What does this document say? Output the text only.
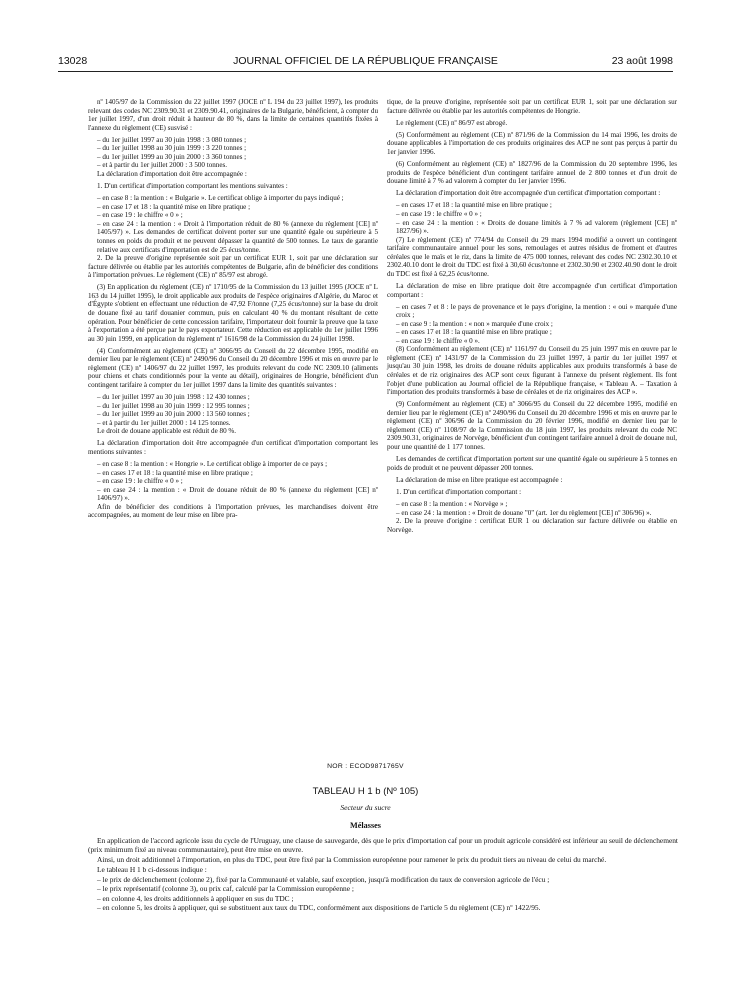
13028	JOURNAL OFFICIEL DE LA RÉPUBLIQUE FRANÇAISE	23 août 1998

nº 1405/97 de la Commission du 22 juillet 1997 (JOCE nº L 194 du 23 juillet 1997), les produits relevant des codes NC 2309.90.31 et 2309.90.41, originaires de la Bulgarie, bénéficient, à compter du 1er juillet 1997, d'un droit réduit à hauteur de 80 %, dans la limite de certaines quantités fixées à l'annexe du règlement (CE) susvisé :

– du 1er juillet 1997 au 30 juin 1998 : 3 080 tonnes ;

– du 1er juillet 1998 au 30 juin 1999 : 3 220 tonnes ;

– du 1er juillet 1999 au 30 juin 2000 : 3 360 tonnes ;

– et à partir du 1er juillet 2000 : 3 500 tonnes.

La déclaration d'importation doit être accompagnée :

1. D'un certificat d'importation comportant les mentions suivantes :

– en case 8 : la mention : « Bulgarie ». Le certificat oblige à importer du pays indiqué ;

– en case 17 et 18 : la quantité mise en libre pratique ;

– en case 19 : le chiffre « 0 » ;

– en case 24 : la mention : « Droit à l'importation réduit de 80 % (annexe du règlement [CE] nº 1405/97) ». Les demandes de certificat doivent porter sur une quantité égale ou supérieure à 5 tonnes en poids du produit et ne peuvent dépasser la quantité de 500 tonnes. Le taux de garantie relative aux certificats d'importation est de 25 écus/tonne.

2. De la preuve d'origine représentée soit par un certificat EUR 1, soit par une déclaration sur facture délivrée ou établie par les autorités compétentes de Bulgarie, afin de bénéficier des conditions à l'importation prévues. Le règlement (CE) nº 85/97 est abrogé.

(3) En application du règlement (CE) nº 1710/95 de la Commission du 13 juillet 1995 (JOCE nº L 163 du 14 juillet 1995), le droit applicable aux produits de l'espèce originaires d'Algérie, du Maroc et d'Égypte s'obtient en effectuant une réduction de 47,92 F/tonne (7,25 écus/tonne) sur la base du droit de douane fixé au tarif douanier commun, puis en calculant 40 % du montant résultant de cette opération. Pour bénéficier de cette concession tarifaire, l'importateur doit fournir la preuve que la taxe à l'exportation a été perçue par le pays exportateur. Cette réduction est applicable du 1er juillet 1996 au 30 juin 1999, en application du règlement nº 1616/98 de la Commission du 24 juillet 1998.

(4) Conformément au règlement (CE) nº 3066/95 du Conseil du 22 décembre 1995, modifié en dernier lieu par le règlement (CE) nº 2490/96 du Conseil du 20 décembre 1996 et mis en œuvre par le règlement (CE) nº 1406/97 du 22 juillet 1997, les produits relevant du code NC 2309.10 (aliments pour chiens et chats conditionnés pour la vente au détail), originaires de Hongrie, bénéficient d'un contingent tarifaire à compter du 1er juillet 1997 dans la limite des quantités suivantes :

– du 1er juillet 1997 au 30 juin 1998 : 12 430 tonnes ;

– du 1er juillet 1998 au 30 juin 1999 : 12 995 tonnes ;

– du 1er juillet 1999 au 30 juin 2000 : 13 560 tonnes ;

– et à partir du 1er juillet 2000 : 14 125 tonnes.

Le droit de douane applicable est réduit de 80 %.

La déclaration d'importation doit être accompagnée d'un certificat d'importation comportant les mentions suivantes :

– en case 8 : la mention : « Hongrie ». Le certificat oblige à importer de ce pays ;

– en cases 17 et 18 : la quantité mise en libre pratique ;

– en case 19 : le chiffre « 0 » ;

– en case 24 : la mention : « Droit de douane réduit de 80 % (annexe du règlement [CE] nº 1406/97) ».

Afin de bénéficier des conditions à l'importation prévues, les marchandises doivent être accompagnées, au moment de leur mise en libre pra-

tique, de la preuve d'origine, représentée soit par un certificat EUR 1, soit par une déclaration sur facture délivrée ou établie par les autorités compétentes de Hongrie.

Le règlement (CE) nº 86/97 est abrogé.

(5) Conformément au règlement (CE) nº 871/96 de la Commission du 14 mai 1996, les droits de douane applicables à l'importation de ces produits originaires des ACP ne sont pas perçus à partir du 1er janvier 1996.

(6) Conformément au règlement (CE) nº 1827/96 de la Commission du 20 septembre 1996, les produits de l'espèce bénéficient d'un contingent tarifaire annuel de 2 800 tonnes et d'un droit de douane limité à 7 % ad valorem à compter du 1er janvier 1996.

La déclaration d'importation doit être accompagnée d'un certificat d'importation comportant :

– en cases 17 et 18 : la quantité mise en libre pratique ;

– en case 19 : le chiffre « 0 » ;

– en case 24 : la mention : « Droits de douane limités à 7 % ad valorem (règlement [CE] nº 1827/96) ».

(7) Le règlement (CE) nº 774/94 du Conseil du 29 mars 1994 modifié a ouvert un contingent tarifaire communautaire annuel pour les sons, remoulages et autres résidus de froment et d'autres céréales que le maïs et le riz, dans la limite de 475 000 tonnes, relevant des codes NC 2302.30.10 et 2302.40.10 dont le droit du TDC est fixé à 30,60 écus/tonne et 2302.30.90 et 2302.40.90 dont le droit du TDC est fixé à 62,25 écus/tonne.

La déclaration de mise en libre pratique doit être accompagnée d'un certificat d'importation comportant :

– en cases 7 et 8 : le pays de provenance et le pays d'origine, la mention : « oui » marquée d'une croix ;

– en case 9 : la mention : « non » marquée d'une croix ;

– en cases 17 et 18 : la quantité mise en libre pratique ;

– en case 19 : le chiffre « 0 ».

(8) Conformément au règlement (CE) nº 1161/97 du Conseil du 25 juin 1997 mis en œuvre par le règlement (CE) nº 1431/97 de la Commission du 23 juillet 1997, à partir du 1er juillet 1997 et jusqu'au 30 juin 1998, les droits de douane réduits applicables aux produits transformés à base de céréales et de riz originaires des ACP sont ceux figurant à l'annexe du présent règlement. Ils font l'objet d'une publication au Journal officiel de la République française, « Tableau A. – Taxation à l'importation des produits transformés à base de céréales et de riz originaires des ACP ».

(9) Conformément au règlement (CE) nº 3066/95 du Conseil du 22 décembre 1995, modifié en dernier lieu par le règlement (CE) nº 2490/96 du Conseil du 20 décembre 1996 et mis en œuvre par le règlement (CE) nº 306/96 de la Commission du 20 février 1996, modifié en dernier lieu par le règlement (CE) nº 1108/97 de la Commission du 18 juin 1997, les produits relevant du code NC 2309.90.31, originaires de Norvège, bénéficient d'un contingent tarifaire annuel à droit de douane nul, pour une quantité de 1 177 tonnes.

Les demandes de certificat d'importation portent sur une quantité égale ou supérieure à 5 tonnes en poids de produit et ne peuvent dépasser 200 tonnes.

La déclaration de mise en libre pratique est accompagnée :

1. D'un certificat d'importation comportant :

– en case 8 : la mention : « Norvège » ;

– en case 24 : la mention : « Droit de douane "0" (art. 1er du règlement [CE] nº 306/96) ».

2. De la preuve d'origine : certificat EUR 1 ou déclaration sur facture délivrée ou établie en Norvège.

NOR : ECOD9871765V
TABLEAU H 1 b (Nº 105)
Secteur du sucre
Mélasses

En application de l'accord agricole issu du cycle de l'Uruguay, une clause de sauvegarde, dès que le prix d'importation caf pour un produit agricole considéré est inférieur au seuil de déclenchement (prix minimum fixé au niveau communautaire), peut être mise en œuvre.

Ainsi, un droit additionnel à l'importation, en plus du TDC, peut être fixé par la Commission européenne pour ramener le prix du produit tiers au niveau de celui du marché.

Le tableau H 1 b ci-dessous indique :

– le prix de déclenchement (colonne 2), fixé par la Communauté et valable, sauf exception, jusqu'à modification du taux de conversion agricole de l'écu ;

– le prix représentatif (colonne 3), ou prix caf, calculé par la Commission européenne ;

– en colonne 4, les droits additionnels à appliquer en sus du TDC ;

– en colonne 5, les droits à appliquer, qui se substituent aux taux du TDC, conformément aux dispositions de l'article 5 du règlement (CE) nº 1422/95.
